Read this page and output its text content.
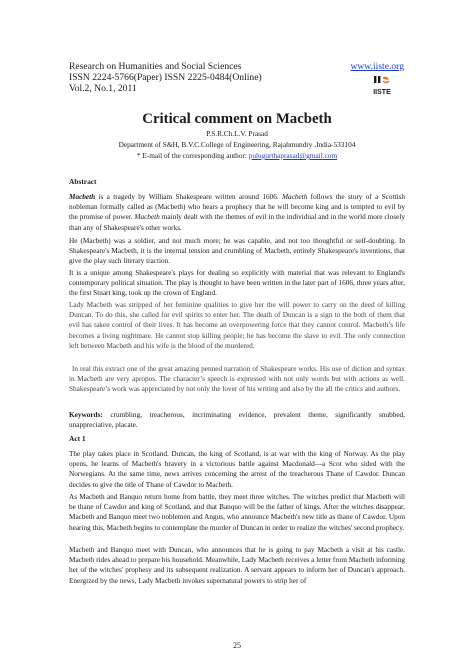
Research on Humanities and Social Sciences
ISSN 2224-5766(Paper) ISSN 2225-0484(Online)
Vol.2, No.1, 2011
www.iiste.org
IISTE
Critical comment on Macbeth
P.S.R.Ch.L.V. Prasad
Department of S&H, B.V.C.College of Engineering, Rajahmundry ,India-533104
* E-mail of the corresponding author: pulugurthaprasad@gmail.com
Abstract

Macbeth is a tragedy by William Shakespeare written around 1606. Macbeth follows the story of a Scottish nobleman formally called as (Macbeth) who hears a prophecy that he will become king and is tempted to evil by the promise of power. Macbeth mainly dealt with the themes of evil in the individual and in the world more closely than any of Shakespeare's other works.

He (Macbeth) was a soldier, and not much more; he was capable, and not too thoughtful or self-doubting. In Shakespeare's Macbeth, it is the internal tension and crumbling of Macbeth, entirely Shakespeare's inventions, that give the play such literary traction.

It is a unique among Shakespeare's plays for dealing so explicitly with material that was relevant to England's contemporary political situation. The play is thought to have been written in the later part of 1606, three years after, the first Stuart king, took up the crown of England.

Lady Macbeth was stripped of her feminine qualities to give her the will power to carry on the deed of killing Duncan. To do this, she called for evil spirits to enter her. The death of Duncan is a sign to the both of them that evil has taken control of their lives. It has become an overpowering force that they cannot control. Macbeth’s life becomes a living nightmare. He cannot stop killing people; he has become the slave to evil. The only connection left between Macbeth and his wife is the blood of the murdered.

In real this extract one of the great amazing penned narration of Shakespeare works. His use of diction and syntax in Macbeth are very apropos. The character’s speech is expressed with not only words but with actions as well. Shakespeare’s work was appreciated by not only the lover of his writing and also by the all the critics and authors.

Keywords: crumbling, treacherous, incriminating evidence, prevalent theme, significantly snubbed, unappreciative, placate.

Act 1

The play takes place in Scotland. Duncan, the king of Scotland, is at war with the king of Norway. As the play opens, he learns of Macbeth's bravery in a victorious battle against Macdonald—a Scot who sided with the Norwegians. At the same time, news arrives concerning the arrest of the treacherous Thane of Cawdor. Duncan decides to give the title of Thane of Cawdor to Macbeth.

As Macbeth and Banquo return home from battle, they meet three witches. The witches predict that Macbeth will be thane of Cawdor and king of Scotland, and that Banquo will be the father of kings. After the witches disappear, Macbeth and Banquo meet two noblemen and Angus, who announce Macbeth's new title as thane of Cawdor. Upon hearing this, Macbeth begins to contemplate the murder of Duncan in order to realize the witches' second prophecy.

Macbeth and Banquo meet with Duncan, who announces that he is going to pay Macbeth a visit at his castle. Macbeth rides ahead to prepare his household. Meanwhile, Lady Macbeth receives a letter from Macbeth informing her of the witches' prophesy and its subsequent realization. A servant appears to inform her of Duncan's approach. Energized by the news, Lady Macbeth invokes supernatural powers to strip her of

25
